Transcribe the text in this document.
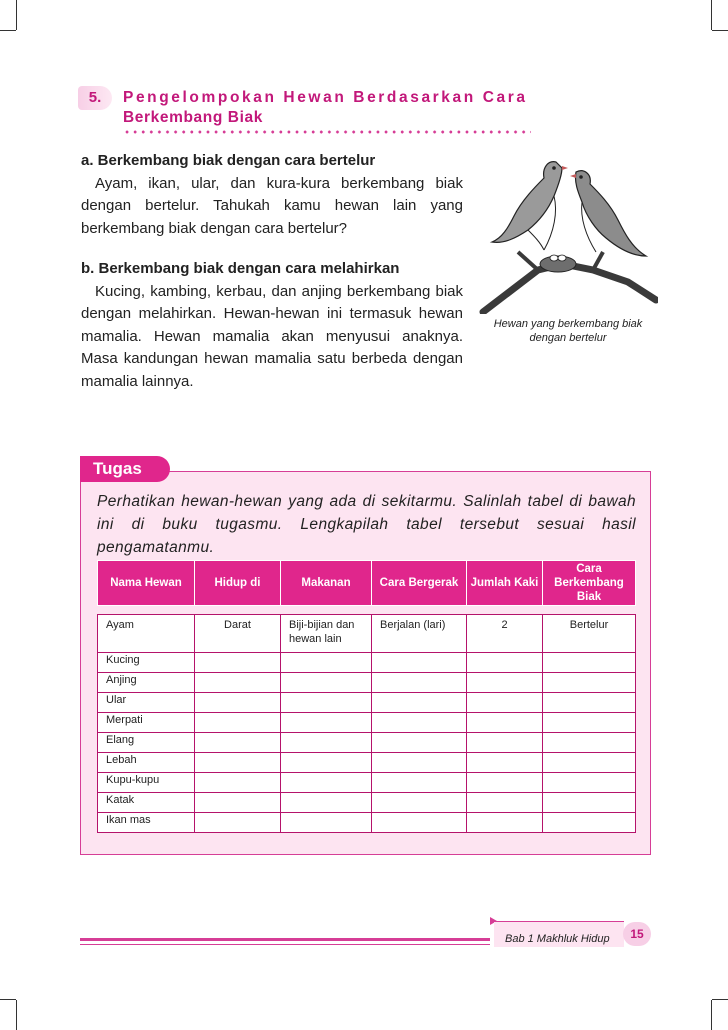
5.	Pengelompokan Hewan Berdasarkan Cara
Berkembang Biak
a. Berkembang biak dengan cara bertelur

Ayam, ikan, ular, dan kura-kura berkembang biak dengan bertelur. Tahukah kamu hewan lain yang berkembang biak dengan cara bertelur?

b. Berkembang biak dengan cara melahirkan

Kucing, kambing, kerbau, dan anjing berkembang biak dengan melahirkan. Hewan-hewan ini termasuk hewan mamalia. Hewan mamalia akan menyusui anaknya. Masa kandungan hewan mamalia satu berbeda dengan mamalia lainnya.

Hewan yang berkembang biak
dengan bertelur
Tugas
Perhatikan hewan-hewan yang ada di sekitarmu. Salinlah tabel di bawah ini di buku tugasmu. Lengkapilah tabel tersebut sesuai hasil pengamatanmu.
Nama Hewan	Hidup di	Makanan	Cara Bergerak	Jumlah Kaki	Cara Berkembang Biak

Ayam	Darat	Biji-bijian dan hewan lain	Berjalan (lari)	2	Bertelur
Kucing					
Anjing					
Ular					
Merpati					
Elang					
Lebah					
Kupu-kupu					
Katak					
Ikan mas					
Bab 1 Makhluk Hidup	15
